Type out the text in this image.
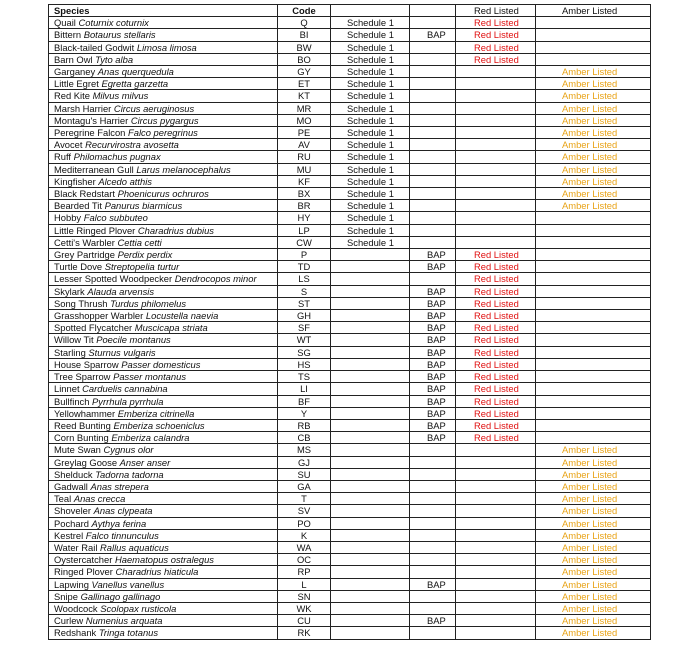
Species	Code			Red Listed	Amber Listed
Quail Coturnix coturnix	Q	Schedule 1		Red Listed	
Bittern Botaurus stellaris	BI	Schedule 1	BAP	Red Listed	
Black-tailed Godwit Limosa limosa	BW	Schedule 1		Red Listed	
Barn Owl Tyto alba	BO	Schedule 1		Red Listed	
Garganey Anas querquedula	GY	Schedule 1			Amber Listed
Little Egret Egretta garzetta	ET	Schedule 1			Amber Listed
Red Kite Milvus milvus	KT	Schedule 1			Amber Listed
Marsh Harrier Circus aeruginosus	MR	Schedule 1			Amber Listed
Montagu's Harrier Circus pygargus	MO	Schedule 1			Amber Listed
Peregrine Falcon Falco peregrinus	PE	Schedule 1			Amber Listed
Avocet Recurvirostra avosetta	AV	Schedule 1			Amber Listed
Ruff Philomachus pugnax	RU	Schedule 1			Amber Listed
Mediterranean Gull Larus melanocephalus	MU	Schedule 1			Amber Listed
Kingfisher Alcedo atthis	KF	Schedule 1			Amber Listed
Black Redstart Phoenicurus ochruros	BX	Schedule 1			Amber Listed
Bearded Tit Panurus biarmicus	BR	Schedule 1			Amber Listed
Hobby Falco subbuteo	HY	Schedule 1			
Little Ringed Plover Charadrius dubius	LP	Schedule 1			
Cetti's Warbler Cettia cetti	CW	Schedule 1			
Grey Partridge Perdix perdix	P		BAP	Red Listed	
Turtle Dove Streptopelia turtur	TD		BAP	Red Listed	
Lesser Spotted Woodpecker Dendrocopos minor	LS			Red Listed	
Skylark Alauda arvensis	S		BAP	Red Listed	
Song Thrush Turdus philomelus	ST		BAP	Red Listed	
Grasshopper Warbler Locustella naevia	GH		BAP	Red Listed	
Spotted Flycatcher Muscicapa striata	SF		BAP	Red Listed	
Willow Tit Poecile montanus	WT		BAP	Red Listed	
Starling Sturnus vulgaris	SG		BAP	Red Listed	
House Sparrow Passer domesticus	HS		BAP	Red Listed	
Tree Sparrow Passer montanus	TS		BAP	Red Listed	
Linnet Carduelis cannabina	LI		BAP	Red Listed	
Bullfinch Pyrrhula pyrrhula	BF		BAP	Red Listed	
Yellowhammer Emberiza citrinella	Y		BAP	Red Listed	
Reed Bunting Emberiza schoeniclus	RB		BAP	Red Listed	
Corn Bunting Emberiza calandra	CB		BAP	Red Listed	
Mute Swan Cygnus olor	MS				Amber Listed
Greylag Goose Anser anser	GJ				Amber Listed
Shelduck Tadorna tadorna	SU				Amber Listed
Gadwall Anas strepera	GA				Amber Listed
Teal Anas crecca	T				Amber Listed
Shoveler Anas clypeata	SV				Amber Listed
Pochard Aythya ferina	PO				Amber Listed
Kestrel Falco tinnunculus	K				Amber Listed
Water Rail Rallus aquaticus	WA				Amber Listed
Oystercatcher Haematopus ostralegus	OC				Amber Listed
Ringed Plover Charadrius hiaticula	RP				Amber Listed
Lapwing Vanellus vanellus	L		BAP		Amber Listed
Snipe Gallinago gallinago	SN				Amber Listed
Woodcock Scolopax rusticola	WK				Amber Listed
Curlew Numenius arquata	CU		BAP		Amber Listed
Redshank Tringa totanus	RK				Amber Listed
